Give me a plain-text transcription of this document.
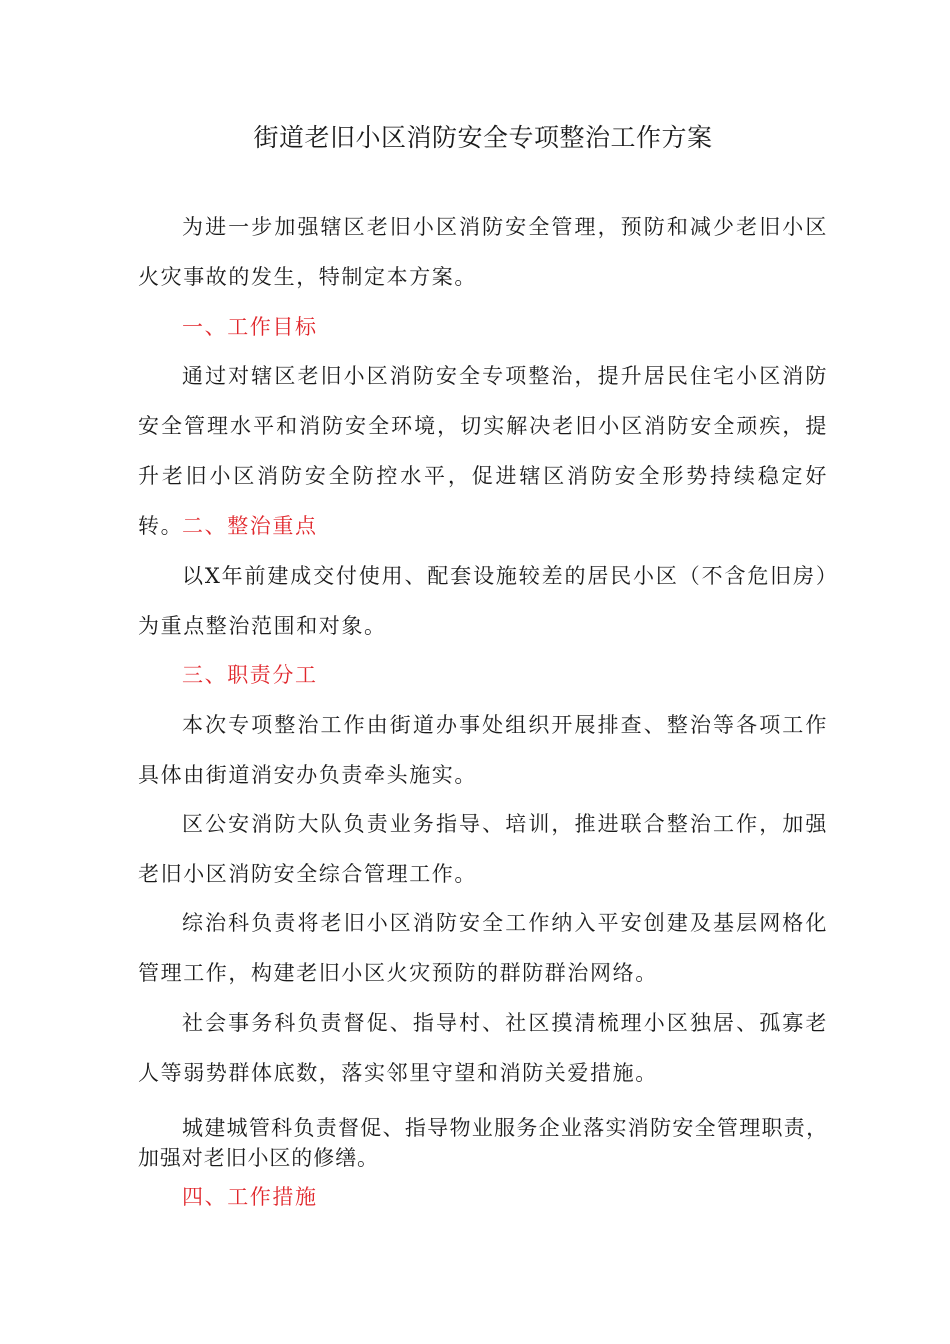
街道老旧小区消防安全专项整治工作方案

为进一步加强辖区老旧小区消防安全管理，预防和减少老旧小区火灾事故的发生，特制定本方案。

一、工作目标

通过对辖区老旧小区消防安全专项整治，提升居民住宅小区消防安全管理水平和消防安全环境，切实解决老旧小区消防安全顽疾，提升老旧小区消防安全防控水平，促进辖区消防安全形势持续稳定好转。

二、整治重点

以X年前建成交付使用、配套设施较差的居民小区（不含危旧房）为重点整治范围和对象。

三、职责分工

本次专项整治工作由街道办事处组织开展排查、整治等各项工作具体由街道消安办负责牵头施实。

区公安消防大队负责业务指导、培训，推进联合整治工作，加强老旧小区消防安全综合管理工作。

综治科负责将老旧小区消防安全工作纳入平安创建及基层网格化管理工作，构建老旧小区火灾预防的群防群治网络。

社会事务科负责督促、指导村、社区摸清梳理小区独居、孤寡老人等弱势群体底数，落实邻里守望和消防关爱措施。

城建城管科负责督促、指导物业服务企业落实消防安全管理职责，加强对老旧小区的修缮。

四、工作措施
